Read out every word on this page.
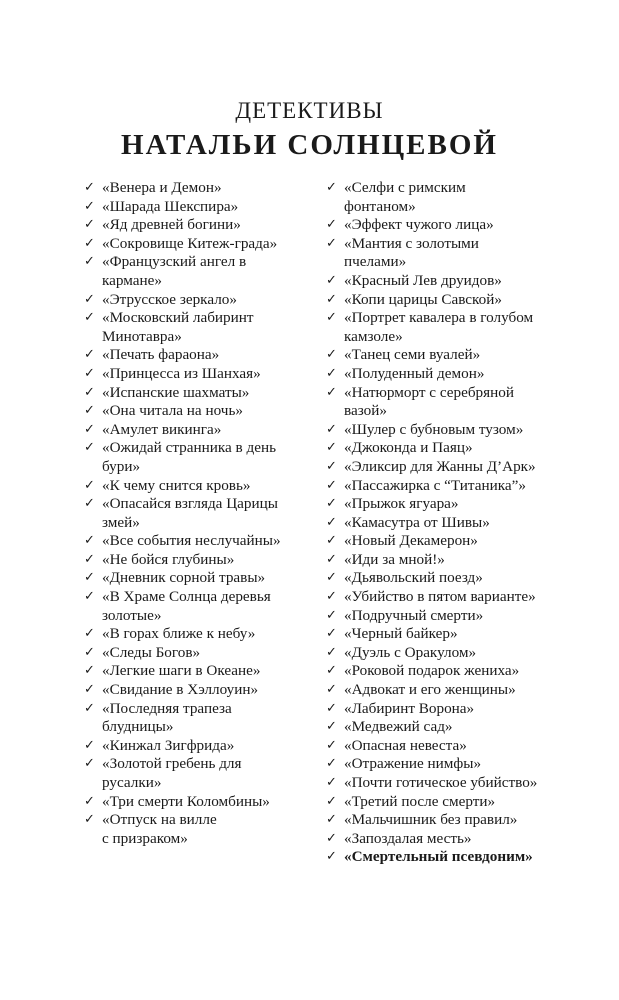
ДЕТЕКТИВЫ
НАТАЛЬИ СОЛНЦЕВОЙ
✓ «Венера и Демон»
✓ «Шарада Шекспира»
✓ «Яд древней богини»
✓ «Сокровище Китеж-града»
✓ «Французский ангел в
кармане»
✓ «Этрусское зеркало»
✓ «Московский лабиринт
Минотавра»
✓ «Печать фараона»
✓ «Принцесса из Шанхая»
✓ «Испанские шахматы»
✓ «Она читала на ночь»
✓ «Амулет викинга»
✓ «Ожидай странника в день
бури»
✓ «К чему снится кровь»
✓ «Опасайся взгляда Царицы
змей»
✓ «Все события неслучайны»
✓ «Не бойся глубины»
✓ «Дневник сорной травы»
✓ «В Храме Солнца деревья
золотые»
✓ «В горах ближе к небу»
✓ «Следы Богов»
✓ «Легкие шаги в Океане»
✓ «Свидание в Хэллоуин»
✓ «Последняя трапеза
блудницы»
✓ «Кинжал Зигфрида»
✓ «Золотой гребень для
русалки»
✓ «Три смерти Коломбины»
✓ «Отпуск на вилле
с призраком»
✓ «Селфи с римским
фонтаном»
✓ «Эффект чужого лица»
✓ «Мантия с золотыми
пчелами»
✓ «Красный Лев друидов»
✓ «Копи царицы Савской»
✓ «Портрет кавалера в голубом
камзоле»
✓ «Танец семи вуалей»
✓ «Полуденный демон»
✓ «Натюрморт с серебряной
вазой»
✓ «Шулер с бубновым тузом»
✓ «Джоконда и Паяц»
✓ «Эликсир для Жанны Д’Арк»
✓ «Пассажирка с “Титаника”»
✓ «Прыжок ягуара»
✓ «Камасутра от Шивы»
✓ «Новый Декамерон»
✓ «Иди за мной!»
✓ «Дьявольский поезд»
✓ «Убийство в пятом варианте»
✓ «Подручный смерти»
✓ «Черный байкер»
✓ «Дуэль с Оракулом»
✓ «Роковой подарок жениха»
✓ «Адвокат и его женщины»
✓ «Лабиринт Ворона»
✓ «Медвежий сад»
✓ «Опасная невеста»
✓ «Отражение нимфы»
✓ «Почти готическое убийство»
✓ «Третий после смерти»
✓ «Мальчишник без правил»
✓ «Запоздалая месть»
✓ «Смертельный псевдоним»
